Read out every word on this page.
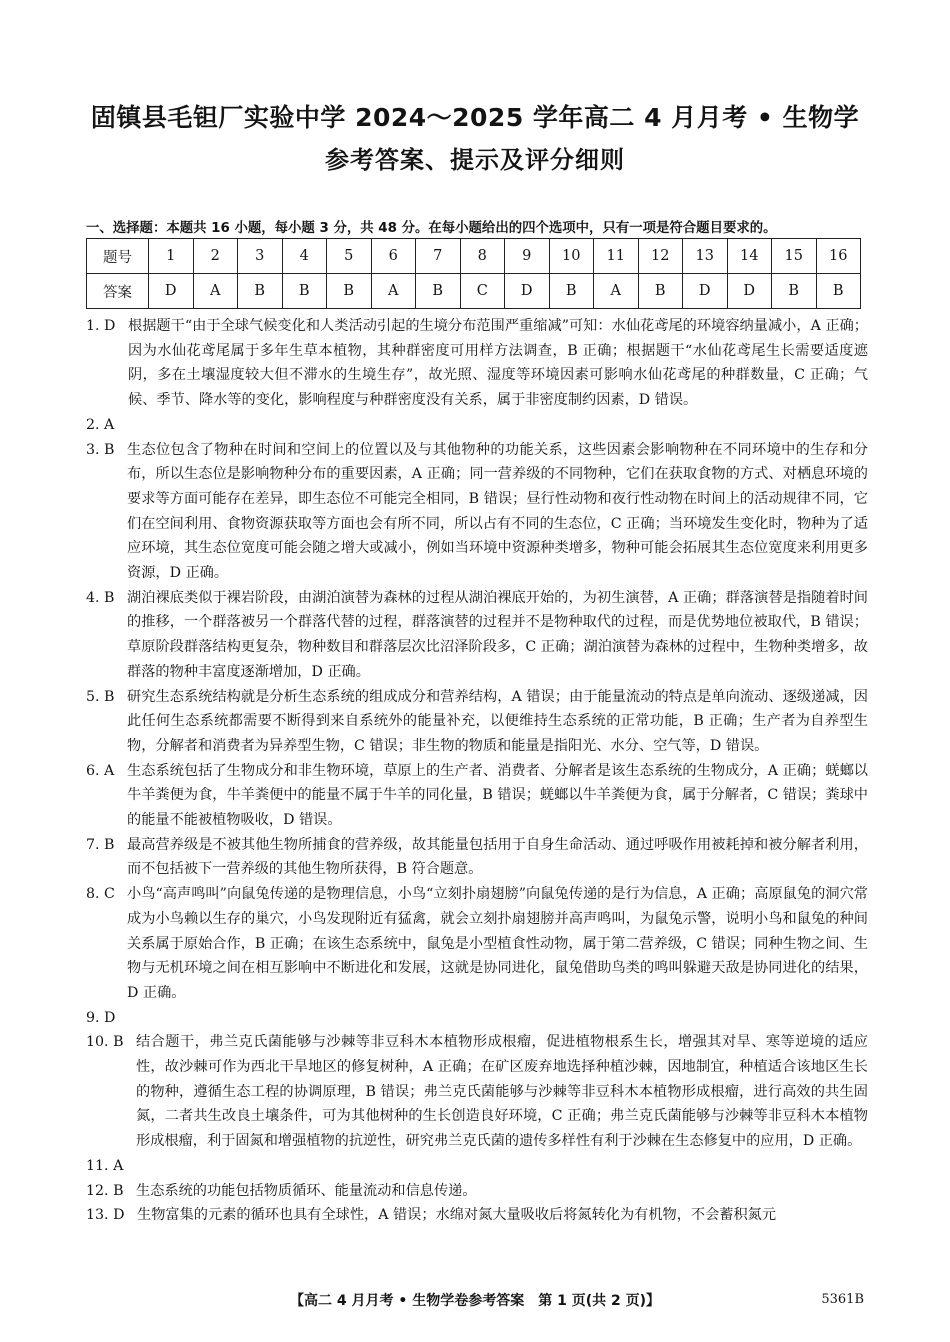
固镇县毛钽厂实验中学 2024～2025 学年高二 4 月月考 • 生物学
参考答案、提示及评分细则
一、选择题：本题共 16 小题，每小题 3 分，共 48 分。在每小题给出的四个选项中，只有一项是符合题目要求的。
题号	1	2	3	4	5	6	7	8	9	10	11	12	13	14	15	16
答案	D	A	B	B	B	A	B	C	D	B	A	B	D	D	B	B
1. D 根据题干“由于全球气候变化和人类活动引起的生境分布范围严重缩减”可知：水仙花鸢尾的环境容纳量减小，A 正确；因为水仙花鸢尾属于多年生草本植物，其种群密度可用样方法调查，B 正确；根据题干“水仙花鸢尾生长需要适度遮阴，多在土壤湿度较大但不滞水的生境生存”，故光照、湿度等环境因素可影响水仙花鸢尾的种群数量，C 正确；气候、季节、降水等的变化，影响程度与种群密度没有关系，属于非密度制约因素，D 错误。
2. A
3. B 生态位包含了物种在时间和空间上的位置以及与其他物种的功能关系，这些因素会影响物种在不同环境中的生存和分布，所以生态位是影响物种分布的重要因素，A 正确；同一营养级的不同物种，它们在获取食物的方式、对栖息环境的要求等方面可能存在差异，即生态位不可能完全相同，B 错误；昼行性动物和夜行性动物在时间上的活动规律不同，它们在空间利用、食物资源获取等方面也会有所不同，所以占有不同的生态位，C 正确；当环境发生变化时，物种为了适应环境，其生态位宽度可能会随之增大或减小，例如当环境中资源种类增多，物种可能会拓展其生态位宽度来利用更多资源，D 正确。
4. B 湖泊裸底类似于裸岩阶段，由湖泊演替为森林的过程从湖泊裸底开始的，为初生演替，A 正确；群落演替是指随着时间的推移，一个群落被另一个群落代替的过程，群落演替的过程并不是物种取代的过程，而是优势地位被取代，B 错误；草原阶段群落结构更复杂，物种数目和群落层次比沼泽阶段多，C 正确；湖泊演替为森林的过程中，生物种类增多，故群落的物种丰富度逐渐增加，D 正确。
5. B 研究生态系统结构就是分析生态系统的组成成分和营养结构，A 错误；由于能量流动的特点是单向流动、逐级递减，因此任何生态系统都需要不断得到来自系统外的能量补充，以便维持生态系统的正常功能，B 正确；生产者为自养型生物，分解者和消费者为异养型生物，C 错误；非生物的物质和能量是指阳光、水分、空气等，D 错误。
6. A 生态系统包括了生物成分和非生物环境，草原上的生产者、消费者、分解者是该生态系统的生物成分，A 正确；蜣螂以牛羊粪便为食，牛羊粪便中的能量不属于牛羊的同化量，B 错误；蜣螂以牛羊粪便为食，属于分解者，C 错误；粪球中的能量不能被植物吸收，D 错误。
7. B 最高营养级是不被其他生物所捕食的营养级，故其能量包括用于自身生命活动、通过呼吸作用被耗掉和被分解者利用，而不包括被下一营养级的其他生物所获得，B 符合题意。
8. C 小鸟“高声鸣叫”向鼠兔传递的是物理信息，小鸟“立刻扑扇翅膀”向鼠兔传递的是行为信息，A 正确；高原鼠兔的洞穴常成为小鸟赖以生存的巢穴，小鸟发现附近有猛禽，就会立刻扑扇翅膀并高声鸣叫，为鼠兔示警，说明小鸟和鼠兔的种间关系属于原始合作，B 正确；在该生态系统中，鼠兔是小型植食性动物，属于第二营养级，C 错误；同种生物之间、生物与无机环境之间在相互影响中不断进化和发展，这就是协同进化，鼠兔借助鸟类的鸣叫躲避天敌是协同进化的结果，D 正确。
9. D
10. B 结合题干，弗兰克氏菌能够与沙棘等非豆科木本植物形成根瘤，促进植物根系生长，增强其对旱、寒等逆境的适应性，故沙棘可作为西北干旱地区的修复树种，A 正确；在矿区废弃地选择种植沙棘，因地制宜，种植适合该地区生长的物种，遵循生态工程的协调原理，B 错误；弗兰克氏菌能够与沙棘等非豆科木本植物形成根瘤，进行高效的共生固氮，二者共生改良土壤条件，可为其他树种的生长创造良好环境，C 正确；弗兰克氏菌能够与沙棘等非豆科木本植物形成根瘤，利于固氮和增强植物的抗逆性，研究弗兰克氏菌的遗传多样性有利于沙棘在生态修复中的应用，D 正确。
11. A
12. B 生态系统的功能包括物质循环、能量流动和信息传递。
13. D 生物富集的元素的循环也具有全球性，A 错误；水绵对氮大量吸收后将氮转化为有机物，不会蓄积氮元
【高二 4 月月考 • 生物学卷参考答案　第 1 页(共 2 页)】	5361B
